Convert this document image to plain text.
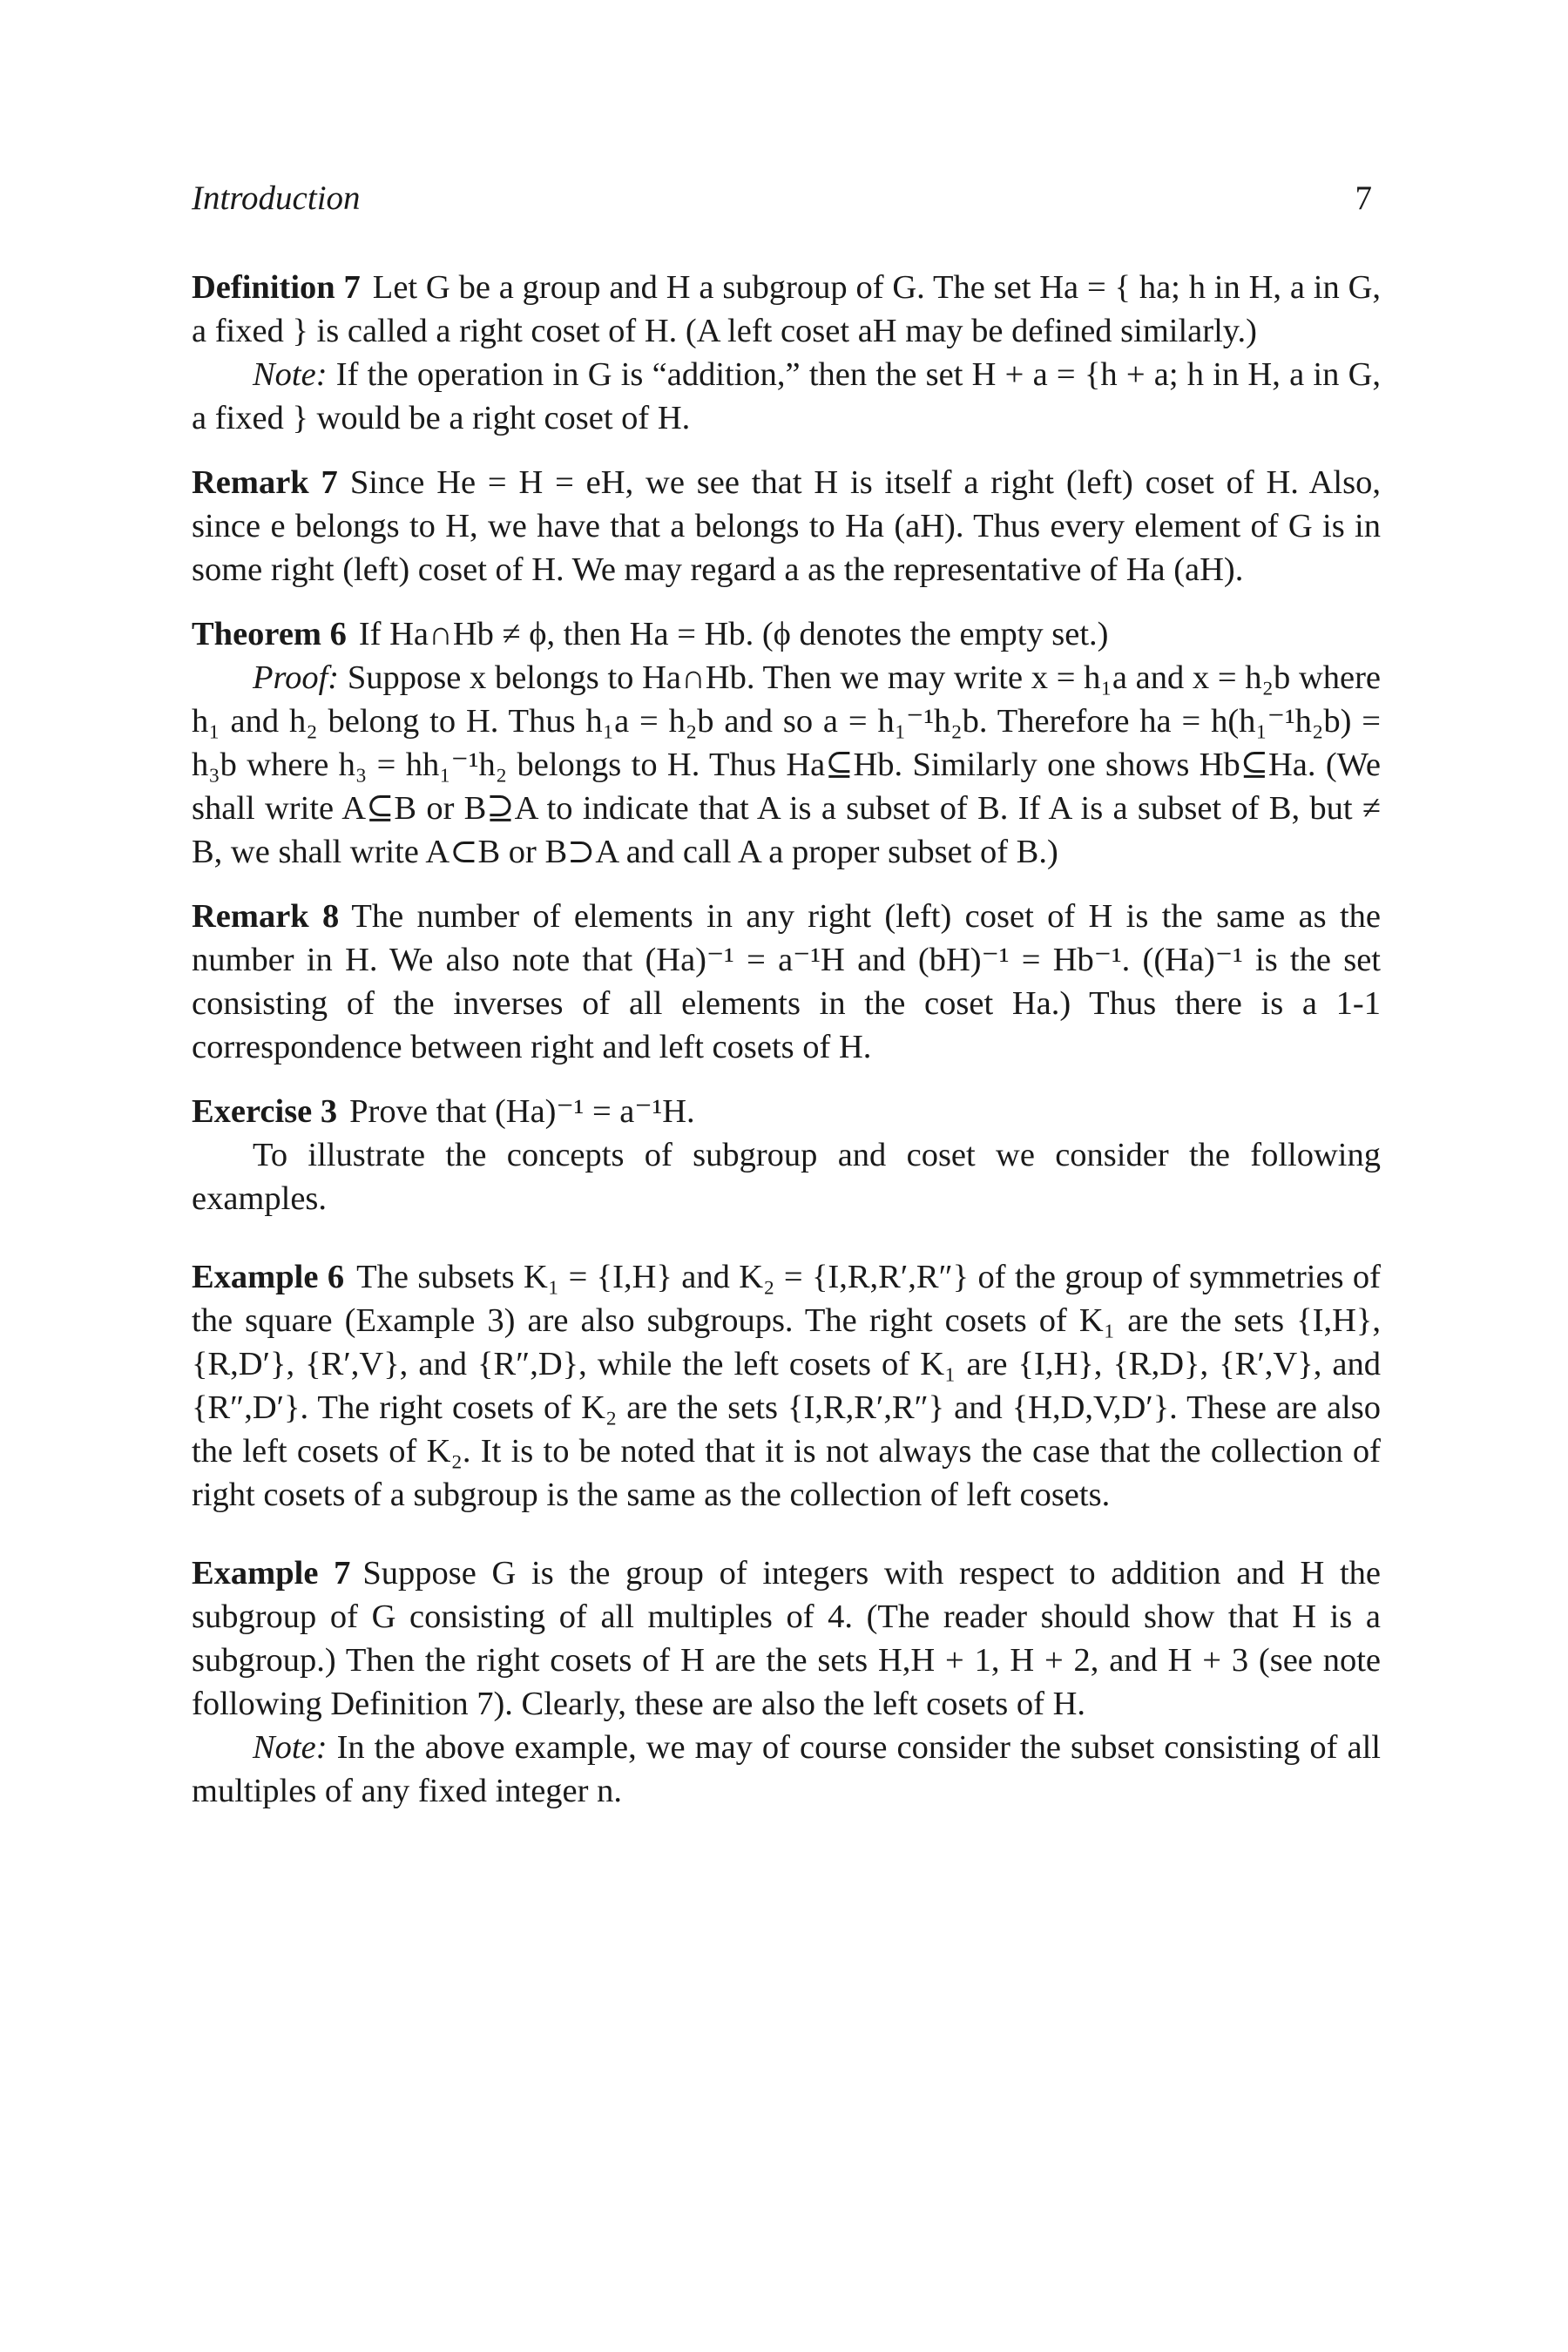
Introduction	7

Definition 7 Let G be a group and H a subgroup of G. The set Ha = { ha; h in H, a in G, a fixed } is called a right coset of H. (A left coset aH may be defined similarly.)

Note: If the operation in G is “addition,” then the set H + a = {h + a; h in H, a in G, a fixed } would be a right coset of H.

Remark 7 Since He = H = eH, we see that H is itself a right (left) coset of H. Also, since e belongs to H, we have that a belongs to Ha (aH). Thus every element of G is in some right (left) coset of H. We may regard a as the representative of Ha (aH).

Theorem 6 If Ha∩Hb ≠ ϕ, then Ha = Hb. (ϕ denotes the empty set.)

Proof: Suppose x belongs to Ha∩Hb. Then we may write x = h₁a and x = h₂b where h₁ and h₂ belong to H. Thus h₁a = h₂b and so a = h₁⁻¹h₂b. Therefore ha = h(h₁⁻¹h₂b) = h₃b where h₃ = hh₁⁻¹h₂ belongs to H. Thus Ha⊆Hb. Similarly one shows Hb⊆Ha. (We shall write A⊆B or B⊇A to indicate that A is a subset of B. If A is a subset of B, but ≠ B, we shall write A⊂B or B⊃A and call A a proper subset of B.)

Remark 8 The number of elements in any right (left) coset of H is the same as the number in H. We also note that (Ha)⁻¹ = a⁻¹H and (bH)⁻¹ = Hb⁻¹. ((Ha)⁻¹ is the set consisting of the inverses of all elements in the coset Ha.) Thus there is a 1-1 correspondence between right and left cosets of H.

Exercise 3 Prove that (Ha)⁻¹ = a⁻¹H.

To illustrate the concepts of subgroup and coset we consider the following examples.

Example 6 The subsets K₁ = {I,H} and K₂ = {I,R,R′,R″} of the group of symmetries of the square (Example 3) are also subgroups. The right cosets of K₁ are the sets {I,H}, {R,D′}, {R′,V}, and {R″,D}, while the left cosets of K₁ are {I,H}, {R,D}, {R′,V}, and {R″,D′}. The right cosets of K₂ are the sets {I,R,R′,R″} and {H,D,V,D′}. These are also the left cosets of K₂. It is to be noted that it is not always the case that the collection of right cosets of a subgroup is the same as the collection of left cosets.

Example 7 Suppose G is the group of integers with respect to addition and H the subgroup of G consisting of all multiples of 4. (The reader should show that H is a subgroup.) Then the right cosets of H are the sets H,H + 1, H + 2, and H + 3 (see note following Definition 7). Clearly, these are also the left cosets of H.

Note: In the above example, we may of course consider the subset consisting of all multiples of any fixed integer n.
